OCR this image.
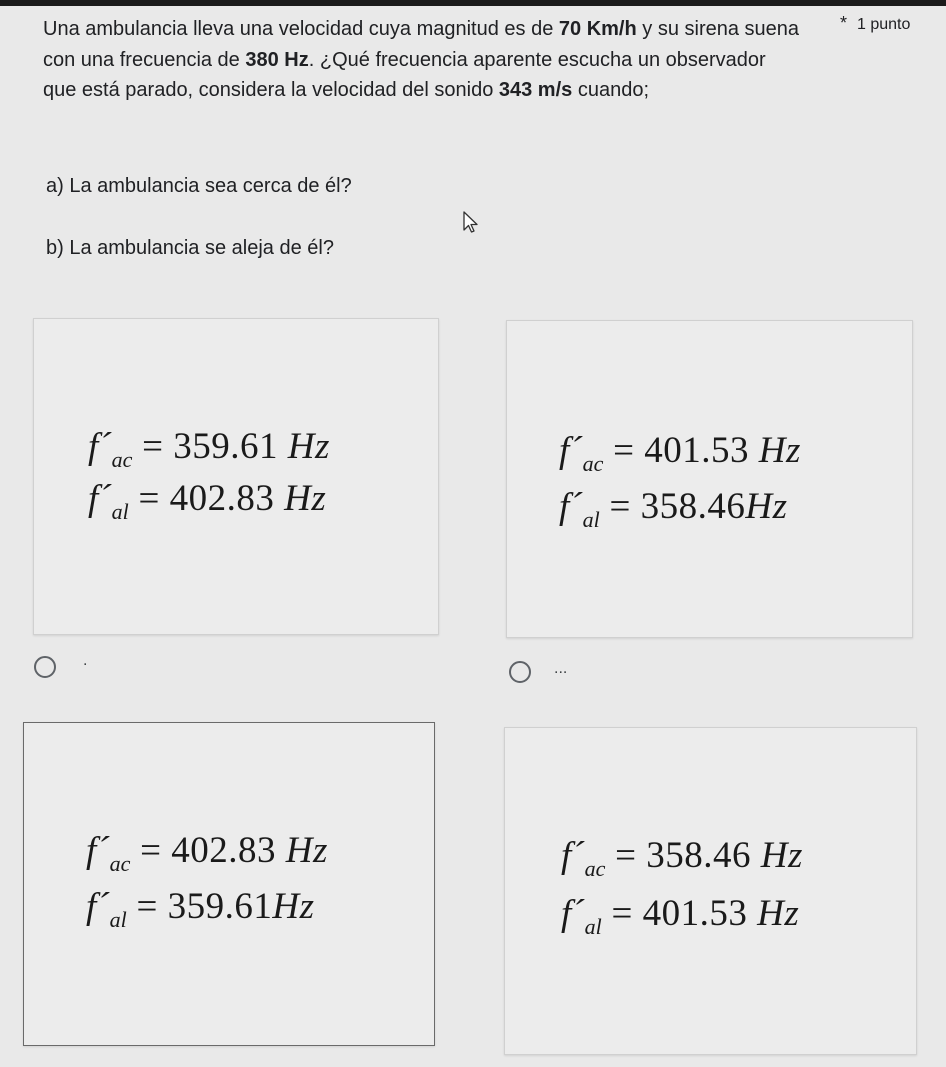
Una ambulancia lleva una velocidad cuya magnitud es de 70 Km/h y su sirena suena con una frecuencia de 380 Hz. ¿Qué frecuencia aparente escucha un observador que está parado, considera la velocidad del sonido 343 m/s cuando;
* 1 punto
a) La ambulancia sea cerca de él?
b) La ambulancia se aleja de él?
$f´_{ac} = 359.61$ Hz
$f´_{al} = 402.83$ Hz
.
$f´_{ac} = 401.53$ Hz
$f´_{al} = 358.46Hz$
...
$f´_{ac} = 402.83$ Hz
$f´_{al} = 359.61Hz$
$f´_{ac} = 358.46$ Hz
$f´_{al} = 401.53$ Hz
